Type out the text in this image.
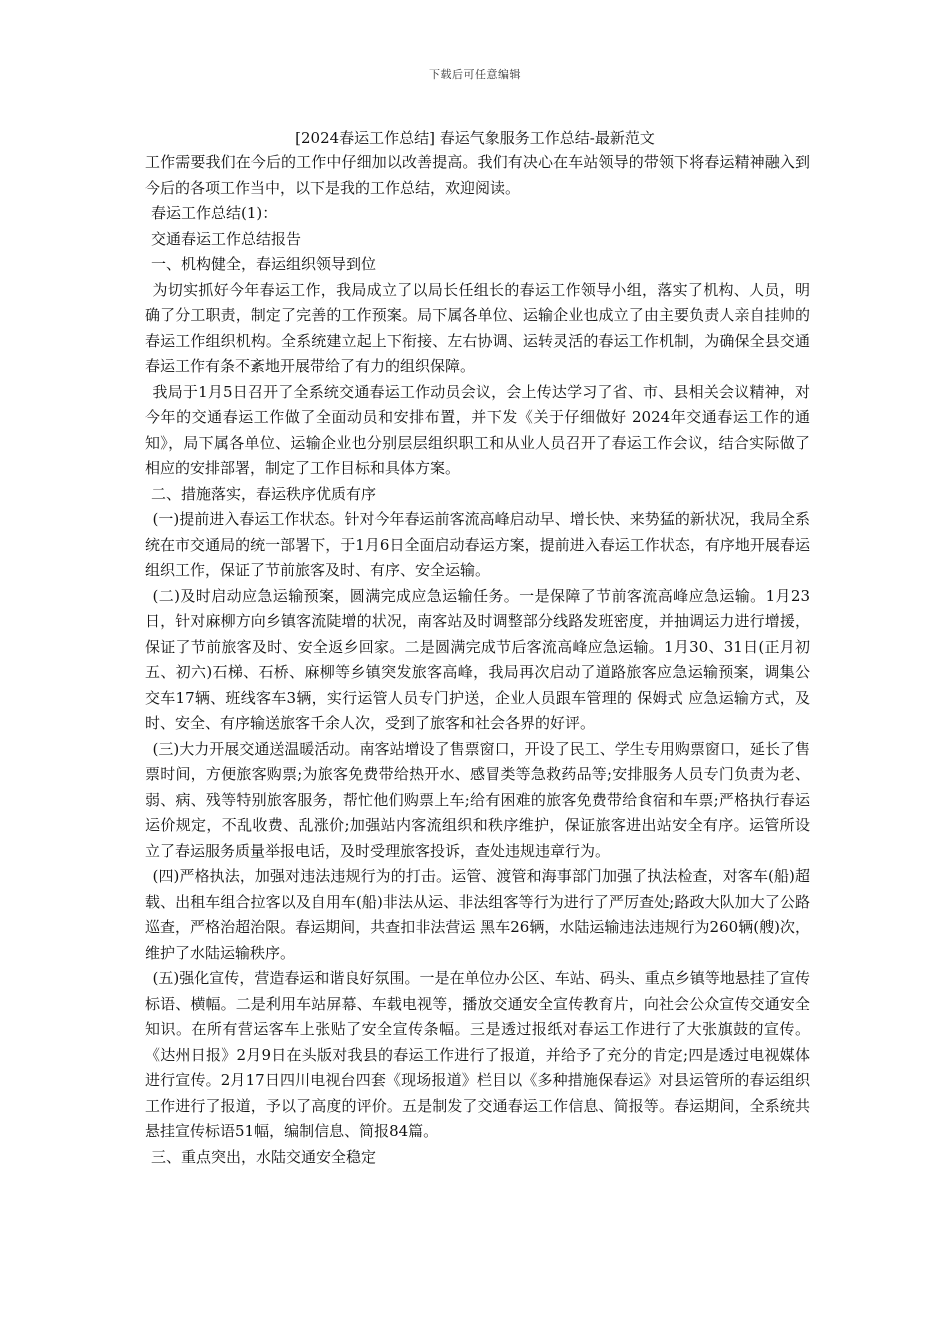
下载后可任意编辑
[2024春运工作总结] 春运气象服务工作总结-最新范文

工作需要我们在今后的工作中仔细加以改善提高。我们有决心在车站领导的带领下将春运精神融入到今后的各项工作当中，以下是我的工作总结，欢迎阅读。

春运工作总结(1)：

交通春运工作总结报告

一、机构健全，春运组织领导到位

为切实抓好今年春运工作，我局成立了以局长任组长的春运工作领导小组，落实了机构、人员，明确了分工职责，制定了完善的工作预案。局下属各单位、运输企业也成立了由主要负责人亲自挂帅的春运工作组织机构。全系统建立起上下衔接、左右协调、运转灵活的春运工作机制，为确保全县交通春运工作有条不紊地开展带给了有力的组织保障。

我局于1月5日召开了全系统交通春运工作动员会议，会上传达学习了省、市、县相关会议精神，对今年的交通春运工作做了全面动员和安排布置，并下发《关于仔细做好 2024年交通春运工作的通知》，局下属各单位、运输企业也分别层层组织职工和从业人员召开了春运工作会议，结合实际做了相应的安排部署，制定了工作目标和具体方案。

二、措施落实，春运秩序优质有序

(一)提前进入春运工作状态。针对今年春运前客流高峰启动早、增长快、来势猛的新状况，我局全系统在市交通局的统一部署下，于1月6日全面启动春运方案，提前进入春运工作状态，有序地开展春运组织工作，保证了节前旅客及时、有序、安全运输。

(二)及时启动应急运输预案，圆满完成应急运输任务。一是保障了节前客流高峰应急运输。1月23日，针对麻柳方向乡镇客流陡增的状况，南客站及时调整部分线路发班密度，并抽调运力进行增援，保证了节前旅客及时、安全返乡回家。二是圆满完成节后客流高峰应急运输。1月30、31日(正月初五、初六)石梯、石桥、麻柳等乡镇突发旅客高峰，我局再次启动了道路旅客应急运输预案，调集公交车17辆、班线客车3辆，实行运管人员专门护送，企业人员跟车管理的 保姆式 应急运输方式，及时、安全、有序输送旅客千余人次，受到了旅客和社会各界的好评。

(三)大力开展交通送温暖活动。南客站增设了售票窗口，开设了民工、学生专用购票窗口，延长了售票时间，方便旅客购票;为旅客免费带给热开水、感冒类等急救药品等;安排服务人员专门负责为老、弱、病、残等特别旅客服务，帮忙他们购票上车;给有困难的旅客免费带给食宿和车票;严格执行春运运价规定，不乱收费、乱涨价;加强站内客流组织和秩序维护，保证旅客进出站安全有序。运管所设立了春运服务质量举报电话，及时受理旅客投诉，查处违规违章行为。

(四)严格执法，加强对违法违规行为的打击。运管、渡管和海事部门加强了执法检查，对客车(船)超载、出租车组合拉客以及自用车(船)非法从运、非法组客等行为进行了严厉查处;路政大队加大了公路巡查，严格治超治限。春运期间，共查扣非法营运 黑车26辆，水陆运输违法违规行为260辆(艘)次，维护了水陆运输秩序。

(五)强化宣传，营造春运和谐良好氛围。一是在单位办公区、车站、码头、重点乡镇等地悬挂了宣传标语、横幅。二是利用车站屏幕、车载电视等，播放交通安全宣传教育片，向社会公众宣传交通安全知识。在所有营运客车上张贴了安全宣传条幅。三是透过报纸对春运工作进行了大张旗鼓的宣传。《达州日报》2月9日在头版对我县的春运工作进行了报道，并给予了充分的肯定;四是透过电视媒体进行宣传。2月17日四川电视台四套《现场报道》栏目以《多种措施保春运》对县运管所的春运组织工作进行了报道，予以了高度的评价。五是制发了交通春运工作信息、简报等。春运期间，全系统共悬挂宣传标语51幅，编制信息、简报84篇。

三、重点突出，水陆交通安全稳定
